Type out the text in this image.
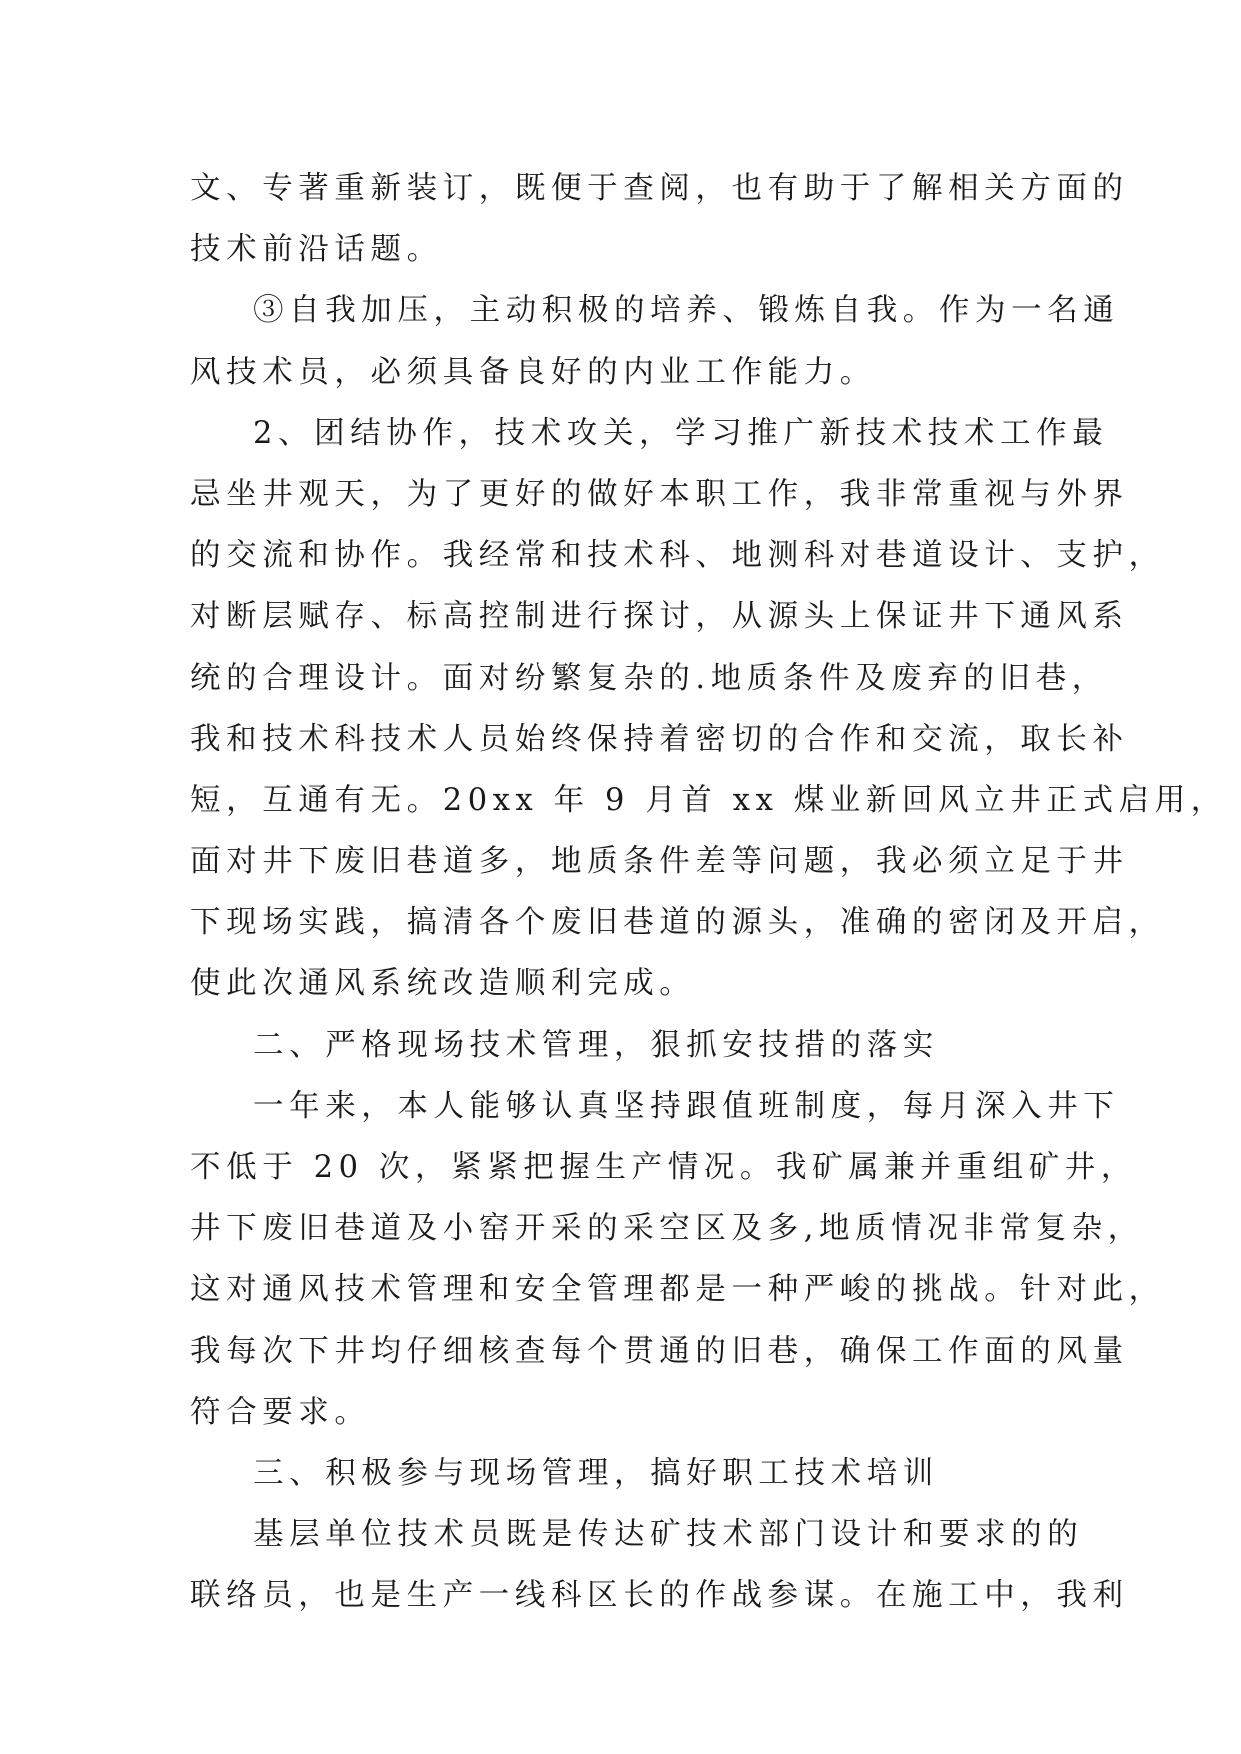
文、专著重新装订，既便于查阅，也有助于了解相关方面的
技术前沿话题。
③自我加压，主动积极的培养、锻炼自我。作为一名通
风技术员，必须具备良好的内业工作能力。
2、团结协作，技术攻关，学习推广新技术技术工作最
忌坐井观天，为了更好的做好本职工作，我非常重视与外界
的交流和协作。我经常和技术科、地测科对巷道设计、支护，
对断层赋存、标高控制进行探讨，从源头上保证井下通风系
统的合理设计。面对纷繁复杂的.地质条件及废弃的旧巷，
我和技术科技术人员始终保持着密切的合作和交流，取长补
短，互通有无。20xx 年 9 月首 xx 煤业新回风立井正式启用，
面对井下废旧巷道多，地质条件差等问题，我必须立足于井
下现场实践，搞清各个废旧巷道的源头，准确的密闭及开启，
使此次通风系统改造顺利完成。
二、严格现场技术管理，狠抓安技措的落实
一年来，本人能够认真坚持跟值班制度，每月深入井下
不低于 20 次，紧紧把握生产情况。我矿属兼并重组矿井，
井下废旧巷道及小窑开采的采空区及多,地质情况非常复杂，
这对通风技术管理和安全管理都是一种严峻的挑战。针对此，
我每次下井均仔细核查每个贯通的旧巷，确保工作面的风量
符合要求。
三、积极参与现场管理，搞好职工技术培训
基层单位技术员既是传达矿技术部门设计和要求的的
联络员，也是生产一线科区长的作战参谋。在施工中，我利
